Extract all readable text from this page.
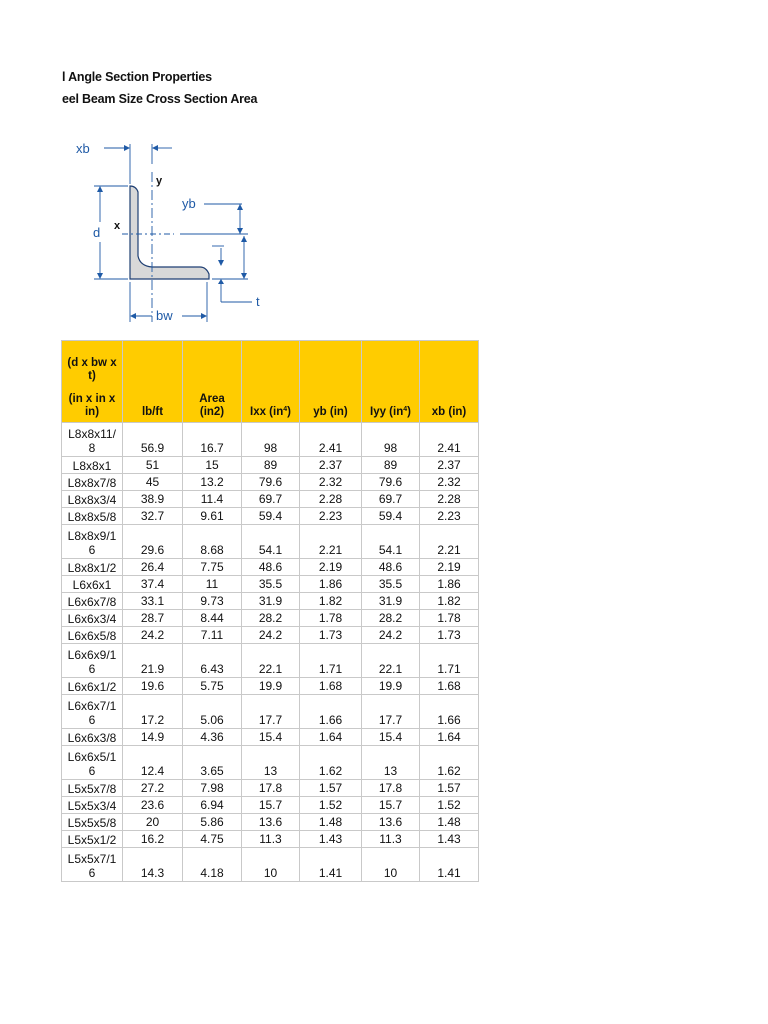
l Angle Section Properties
eel Beam Size Cross Section Area
xb
y
yb
x
d
t
bw
(d x bw x t)
(in x in x in)	lb/ft	Area (in2)	Ixx $(in^4)$	yb (in)	Iyy $(in^4)$	xb (in)
L8x8x11/8	56.9	16.7	98	2.41	98	2.41
L8x8x1	51	15	89	2.37	89	2.37
L8x8x7/8	45	13.2	79.6	2.32	79.6	2.32
L8x8x3/4	38.9	11.4	69.7	2.28	69.7	2.28
L8x8x5/8	32.7	9.61	59.4	2.23	59.4	2.23
L8x8x9/16	29.6	8.68	54.1	2.21	54.1	2.21
L8x8x1/2	26.4	7.75	48.6	2.19	48.6	2.19
L6x6x1	37.4	11	35.5	1.86	35.5	1.86
L6x6x7/8	33.1	9.73	31.9	1.82	31.9	1.82
L6x6x3/4	28.7	8.44	28.2	1.78	28.2	1.78
L6x6x5/8	24.2	7.11	24.2	1.73	24.2	1.73
L6x6x9/16	21.9	6.43	22.1	1.71	22.1	1.71
L6x6x1/2	19.6	5.75	19.9	1.68	19.9	1.68
L6x6x7/16	17.2	5.06	17.7	1.66	17.7	1.66
L6x6x3/8	14.9	4.36	15.4	1.64	15.4	1.64
L6x6x5/16	12.4	3.65	13	1.62	13	1.62
L5x5x7/8	27.2	7.98	17.8	1.57	17.8	1.57
L5x5x3/4	23.6	6.94	15.7	1.52	15.7	1.52
L5x5x5/8	20	5.86	13.6	1.48	13.6	1.48
L5x5x1/2	16.2	4.75	11.3	1.43	11.3	1.43
L5x5x7/16	14.3	4.18	10	1.41	10	1.41
